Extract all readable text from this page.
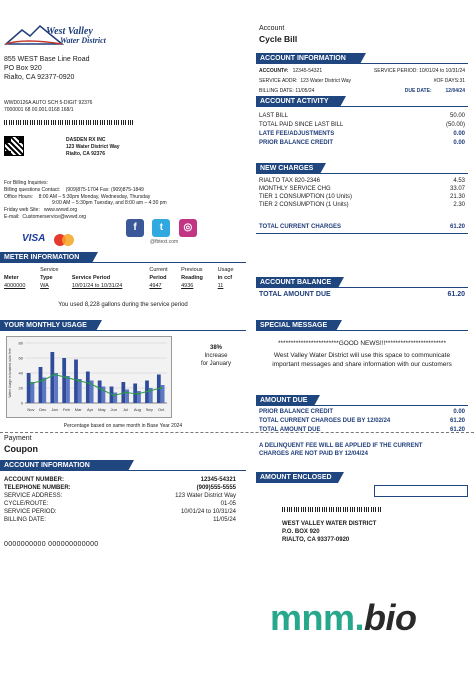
West Valley
Water District
855 WEST Base Line Road
PO Box 920
Rialto, CA 92377-0920
WWD0126A AUTO SCH 5-DIGIT 92376
7000001 68 00.001.0168 168/1
DASDEN RX INC
123 Water District Way
Rialto, CA 92376
For Billing Inquiries:
Billing questions Contact: (909)875-1704 Fax: (909)875-1849
Office Hours: 8:00 AM – 5:30pm Monday, Wednesday, Thursday
9:00 AM – 5:30pm Tuesday, and 8:00 am – 4:30 pm
Friday web Site: www.wvwd.org
E-mail: Customerservice@wvwd.org
VISA
f t ◎
@fbtext.com
METER INFORMATION
	Service		Current	Previous	Usage
Meter	Type	Service Period	Period	Reading	in ccf
4000000	WA	10/01/24 to 10/31/24	4947	4936	11
You used 8,228 gallons during the service period
YOUR MONTHLY USAGE
Nov Dec Jan Feb Mar Apr May Jun Jul Aug Sep Oct
80
60
40
20
0
Water Usage in hundred cubic feet
38%
Increase
for January
Percentage based on same month in Base Year 2024
Payment
Coupon
ACCOUNT INFORMATION
ACCOUNT NUMBER:	12345-54321
TELEPHONE NUMBER:	(909)555-5555
SERVICE ADDRESS:	123 Water District Way
CYCLE/ROUTE:	01-05
SERVICE PERIOD:	10/01/24 to 10/31/24
BILLING DATE:	11/05/24
0000000000 000000000000
Account
Cycle Bill
ACCOUNT INFORMATION
ACCOUNT#: 12345-54321	SERVICE PERIOD: 10/01/24 to 10/31/24
SERVICE ADDR: 123 Water District Way	#OF DAYS:31
BILLING DATE: 11/05/24	DUE DATE:	12/04/24
ACCOUNT ACTIVITY
LAST BILL	50.00
TOTAL PAID SINCE LAST BILL	(50.00)
LATE FEE/ADJUSTMENTS	0.00
PRIOR BALANCE CREDIT	0.00
NEW CHARGES
RIALTO TAX 820-2346	4.53
MONTHLY SERVICE CHG	33.07
TIER 1 CONSUMPTION (10 Units)	21.30
TIER 2 CONSUMPTION (1 Units)	2.30
TOTAL CURRENT CHARGES	61.20
ACCOUNT BALANCE
TOTAL AMOUNT DUE	61.20
SPECIAL MESSAGE
************************GOOD NEWS!!!************************
West Valley Water District will use this space to communicate important messages and share information with our customers
AMOUNT DUE
PRIOR BALANCE CREDIT	0.00
TOTAL CURRENT CHARGES DUE BY 12/02/24	61.20
TOTAL AMOUNT DUE	61.20
A DELINQUENT FEE WILL BE APPLIED IF THE CURRENT CHARGES ARE NOT PAID BY 12/04/24
AMOUNT ENCLOSED
WEST VALLEY WATER DISTRICT
P.O. BOX 920
RIALTO, CA 93377-0920
mnm.bio
